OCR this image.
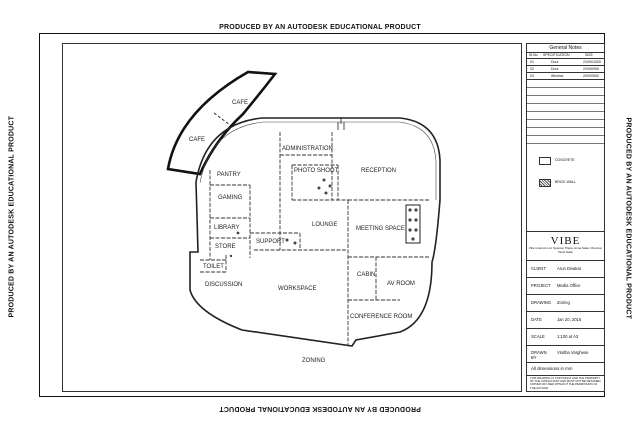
PRODUCED BY AN AUTODESK EDUCATIONAL PRODUCT
PRODUCED BY AN AUTODESK EDUCATIONAL PRODUCT
PRODUCED BY AN AUTODESK EDUCATIONAL PRODUCT	PRODUCED BY AN AUTODESK EDUCATIONAL PRODUCT
CAFE
CAFE
ADMINISTRATION
RECEPTION
PHOTO SHOOT
PANTRY
GAMING
LOUNGE
LIBRARY
STORE
SUPPORT
MEETING SPACE
TOILET
DISCUSSION
WORKSPACE
CABIN
AV ROOM
CONFERENCE ROOM
ZONING
General Notes
Sl.No SPECIFICATION	SIZE
01	Door	2100X1000
02	Door	2100X900
03	Window	2000X500
CONCRETE
BRICK WALL
VIBE
Vibe Interiors Ltd. Spencer Plaza, Anna Salai, Chennai, Tamil Nadu
CLIENT	Arun Divakar
PROJECT Media Office
DRAWING Zoning
DATE	Jan 20, 2015
SCALE	1:100 at A3
DRAWN BY
Vinitha Varghese
All dimensions in mm
THIS DRAWING IS COPYRIGHT AND THE PROPERTY OF THE CONSULTANT AND MUST NOT BE RETAINED, COPIED OR USED WITHOUT THE PERMISSION OF THE AUTHOR
